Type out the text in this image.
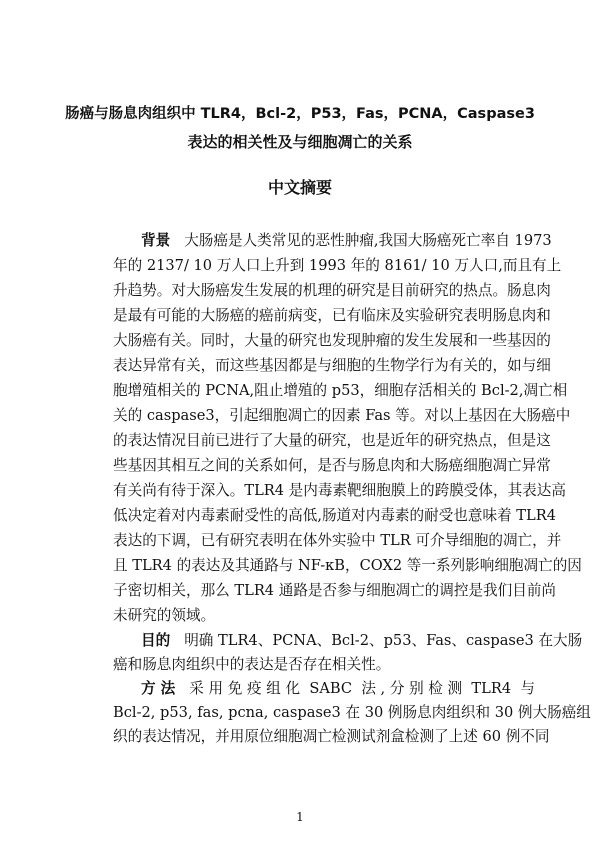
肠癌与肠息肉组织中 TLR4，Bcl-2，P53，Fas，PCNA，Caspase3
表达的相关性及与细胞凋亡的关系
中文摘要
背景 大肠癌是人类常见的恶性肿瘤,我国大肠癌死亡率自 1973
年的 2137/ 10 万人口上升到 1993 年的 8161/ 10 万人口,而且有上
升趋势。对大肠癌发生发展的机理的研究是目前研究的热点。肠息肉
是最有可能的大肠癌的癌前病变，已有临床及实验研究表明肠息肉和
大肠癌有关。同时，大量的研究也发现肿瘤的发生发展和一些基因的
表达异常有关，而这些基因都是与细胞的生物学行为有关的，如与细
胞增殖相关的 PCNA,阻止增殖的 p53，细胞存活相关的 Bcl-2,凋亡相
关的 caspase3，引起细胞凋亡的因素 Fas 等。对以上基因在大肠癌中
的表达情况目前已进行了大量的研究，也是近年的研究热点，但是这
些基因其相互之间的关系如何，是否与肠息肉和大肠癌细胞凋亡异常
有关尚有待于深入。TLR4 是内毒素靶细胞膜上的跨膜受体，其表达高
低决定着对内毒素耐受性的高低,肠道对内毒素的耐受也意味着 TLR4
表达的下调，已有研究表明在体外实验中 TLR 可介导细胞的凋亡，并
且 TLR4 的表达及其通路与 NF-κB，COX2 等一系列影响细胞凋亡的因
子密切相关，那么 TLR4 通路是否参与细胞凋亡的调控是我们目前尚
未研究的领域。
目的 明确 TLR4、PCNA、Bcl-2、p53、Fas、caspase3 在大肠
癌和肠息肉组织中的表达是否存在相关性。
方 法 采 用 免 疫 组 化  SABC  法 , 分 别 检 测  TLR4  与
Bcl-2, p53, fas, pcna, caspase3 在 30 例肠息肉组织和 30 例大肠癌组
织的表达情况，并用原位细胞凋亡检测试剂盒检测了上述 60 例不同
1
